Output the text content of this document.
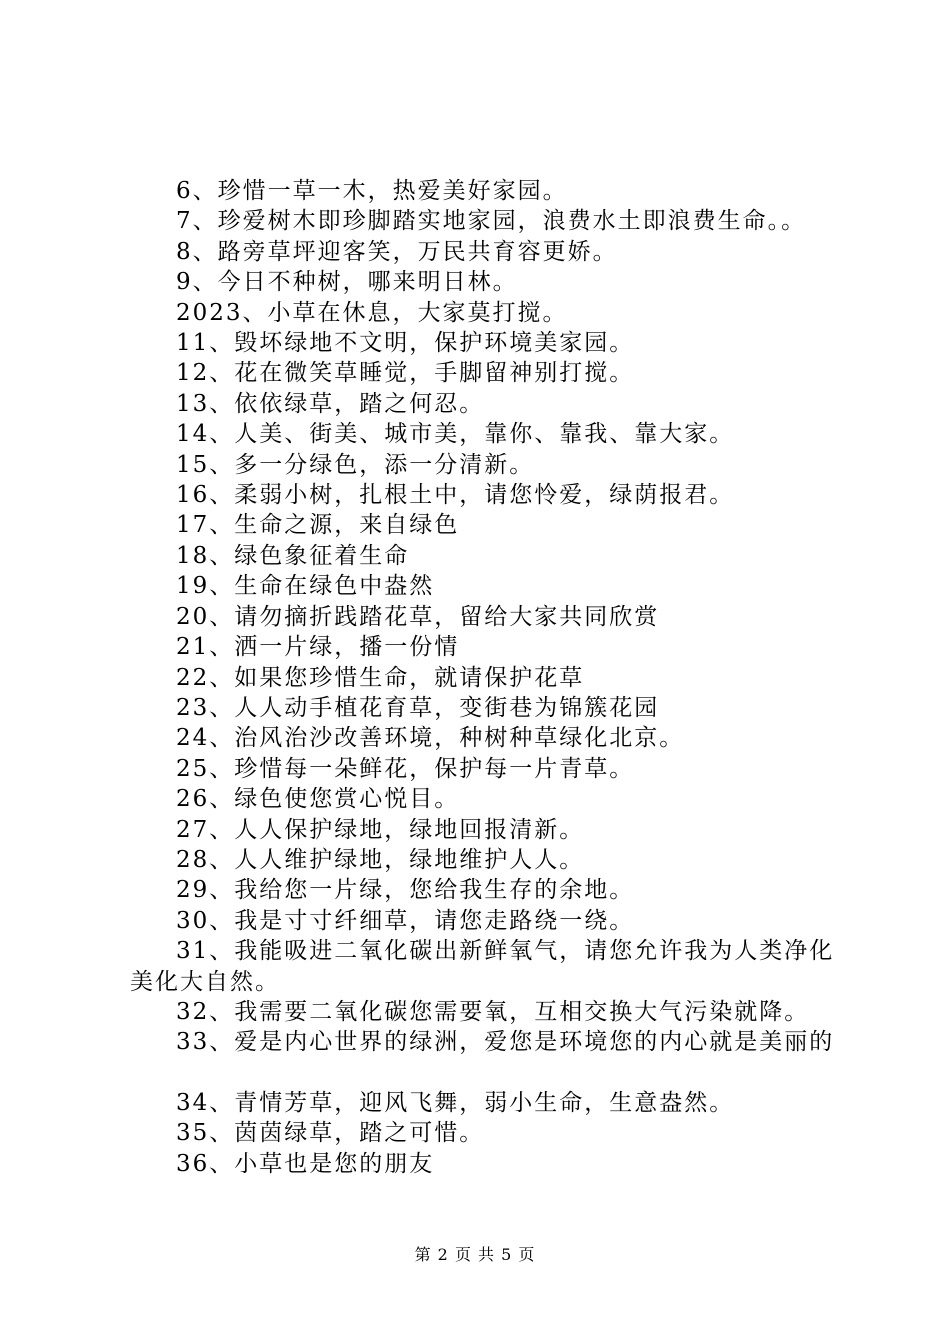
6、珍惜一草一木，热爱美好家园。
7、珍爱树木即珍脚踏实地家园，浪费水土即浪费生命。。
8、路旁草坪迎客笑，万民共育容更娇。
9、今日不种树，哪来明日林。
2023、小草在休息，大家莫打搅。
11、毁坏绿地不文明，保护环境美家园。
12、花在微笑草睡觉，手脚留神别打搅。
13、依依绿草，踏之何忍。
14、人美、街美、城市美，靠你、靠我、靠大家。
15、多一分绿色，添一分清新。
16、柔弱小树，扎根土中，请您怜爱，绿荫报君。
17、生命之源，来自绿色
18、绿色象征着生命
19、生命在绿色中盎然
20、请勿摘折践踏花草，留给大家共同欣赏
21、洒一片绿，播一份情
22、如果您珍惜生命，就请保护花草
23、人人动手植花育草，变街巷为锦簇花园
24、治风治沙改善环境，种树种草绿化北京。
25、珍惜每一朵鲜花，保护每一片青草。
26、绿色使您赏心悦目。
27、人人保护绿地，绿地回报清新。
28、人人维护绿地，绿地维护人人。
29、我给您一片绿，您给我生存的余地。
30、我是寸寸纤细草，请您走路绕一绕。
31、我能吸进二氧化碳出新鲜氧气，请您允许我为人类净化美化大自然。
32、我需要二氧化碳您需要氧，互相交换大气污染就降。
33、爱是内心世界的绿洲，爱您是环境您的内心就是美丽的
34、青情芳草，迎风飞舞，弱小生命，生意盎然。
35、茵茵绿草，踏之可惜。
36、小草也是您的朋友
第 2 页 共 5 页
